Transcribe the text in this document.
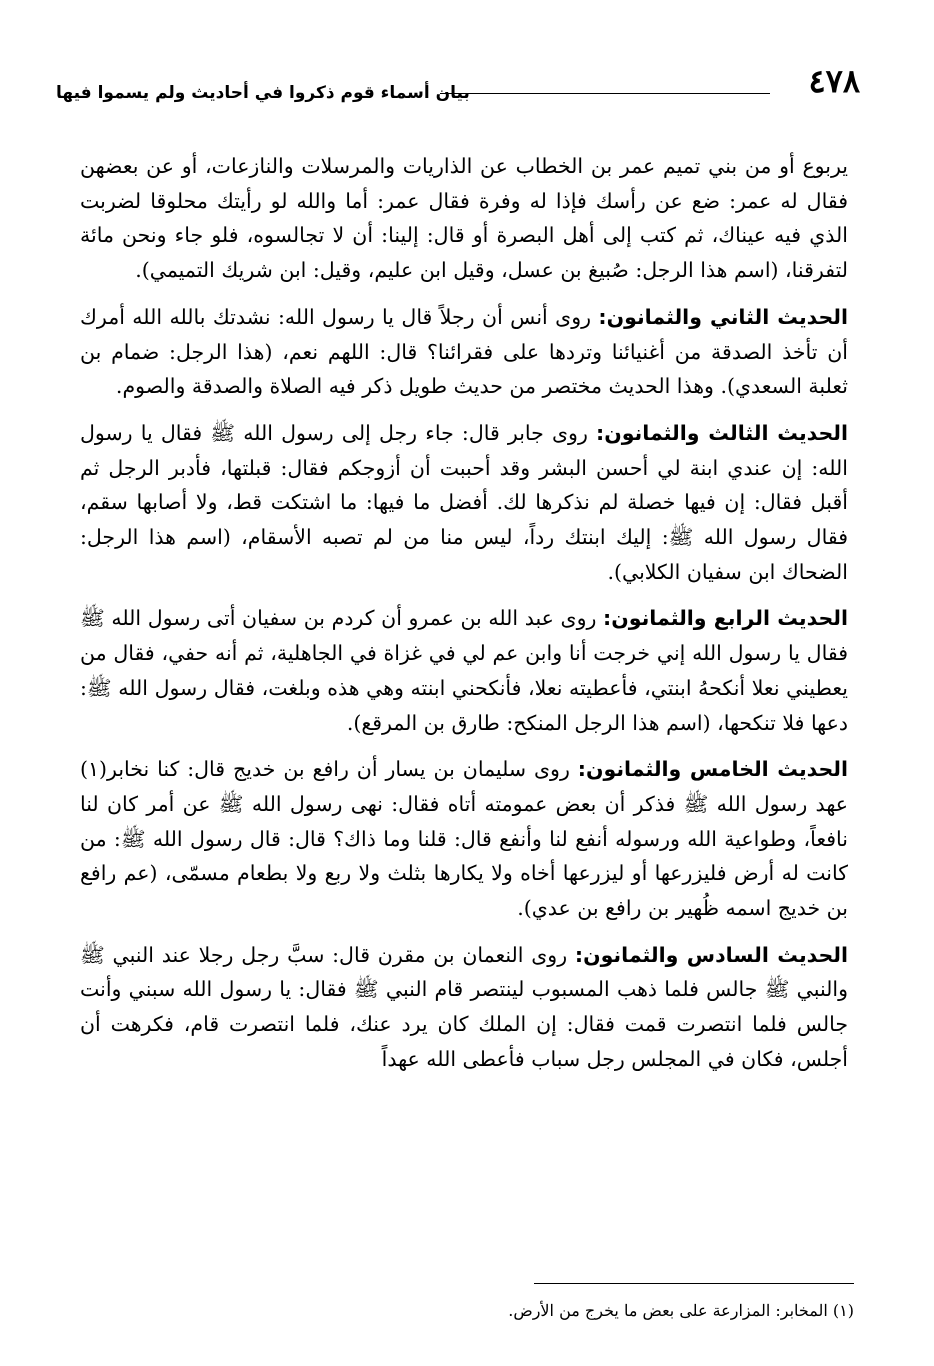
٤٧٨
بيان أسماء قوم ذكروا في أحاديث ولم يسموا فيها

يربوع أو من بني تميم عمر بن الخطاب عن الذاريات والمرسلات والنازعات، أو عن بعضهن فقال له عمر: ضع عن رأسك فإذا له وفرة فقال عمر: أما والله لو رأيتك محلوقا لضربت الذي فيه عيناك، ثم كتب إلى أهل البصرة أو قال: إلينا: أن لا تجالسوه، فلو جاء ونحن مائة لتفرقنا، (اسم هذا الرجل: صُبيغ بن عسل، وقيل ابن عليم، وقيل: ابن شريك التميمي).

الحديث الثاني والثمانون: روى أنس أن رجلاً قال يا رسول الله: نشدتك بالله الله أمرك أن تأخذ الصدقة من أغنيائنا وتردها على فقرائنا؟ قال: اللهم نعم، (هذا الرجل: ضمام بن ثعلبة السعدي). وهذا الحديث مختصر من حديث طويل ذكر فيه الصلاة والصدقة والصوم.

الحديث الثالث والثمانون: روى جابر قال: جاء رجل إلى رسول الله ﷺ فقال يا رسول الله: إن عندي ابنة لي أحسن البشر وقد أحببت أن أزوجكم فقال: قبلتها، فأدبر الرجل ثم أقبل فقال: إن فيها خصلة لم نذكرها لك. أفضل ما فيها: ما اشتكت قط، ولا أصابها سقم، فقال رسول الله ﷺ: إليك ابنتك رداً، ليس منا من لم تصبه الأسقام، (اسم هذا الرجل: الضحاك ابن سفيان الكلابي).

الحديث الرابع والثمانون: روى عبد الله بن عمرو أن كردم بن سفيان أتى رسول الله ﷺ فقال يا رسول الله إني خرجت أنا وابن عم لي في غزاة في الجاهلية، ثم أنه حفي، فقال من يعطيني نعلا أنكحهُ ابنتي، فأعطيته نعلا، فأنكحني ابنته وهي هذه وبلغت، فقال رسول الله ﷺ: دعها فلا تنكحها، (اسم هذا الرجل المنكح: طارق بن المرقع).

الحديث الخامس والثمانون: روى سليمان بن يسار أن رافع بن خديج قال: كنا نخابر(١) عهد رسول الله ﷺ فذكر أن بعض عمومته أتاه فقال: نهى رسول الله ﷺ عن أمر كان لنا نافعاً، وطواعية الله ورسوله أنفع لنا وأنفع قال: قلنا وما ذاك؟ قال: قال رسول الله ﷺ: من كانت له أرض فليزرعها أو ليزرعها أخاه ولا يكارها بثلث ولا ربع ولا بطعام مسمّى، (عم رافع بن خديج اسمه ظُهير بن رافع بن عدي).

الحديث السادس والثمانون: روى النعمان بن مقرن قال: سبَّ رجل رجلا عند النبي ﷺ والنبي ﷺ جالس فلما ذهب المسبوب لينتصر قام النبي ﷺ فقال: يا رسول الله سبني وأنت جالس فلما انتصرت قمت فقال: إن الملك كان يرد عنك، فلما انتصرت قام، فكرهت أن أجلس، فكان في المجلس رجل سباب فأعطى الله عهداً

(١) المخابر: المزارعة على بعض ما يخرج من الأرض.
